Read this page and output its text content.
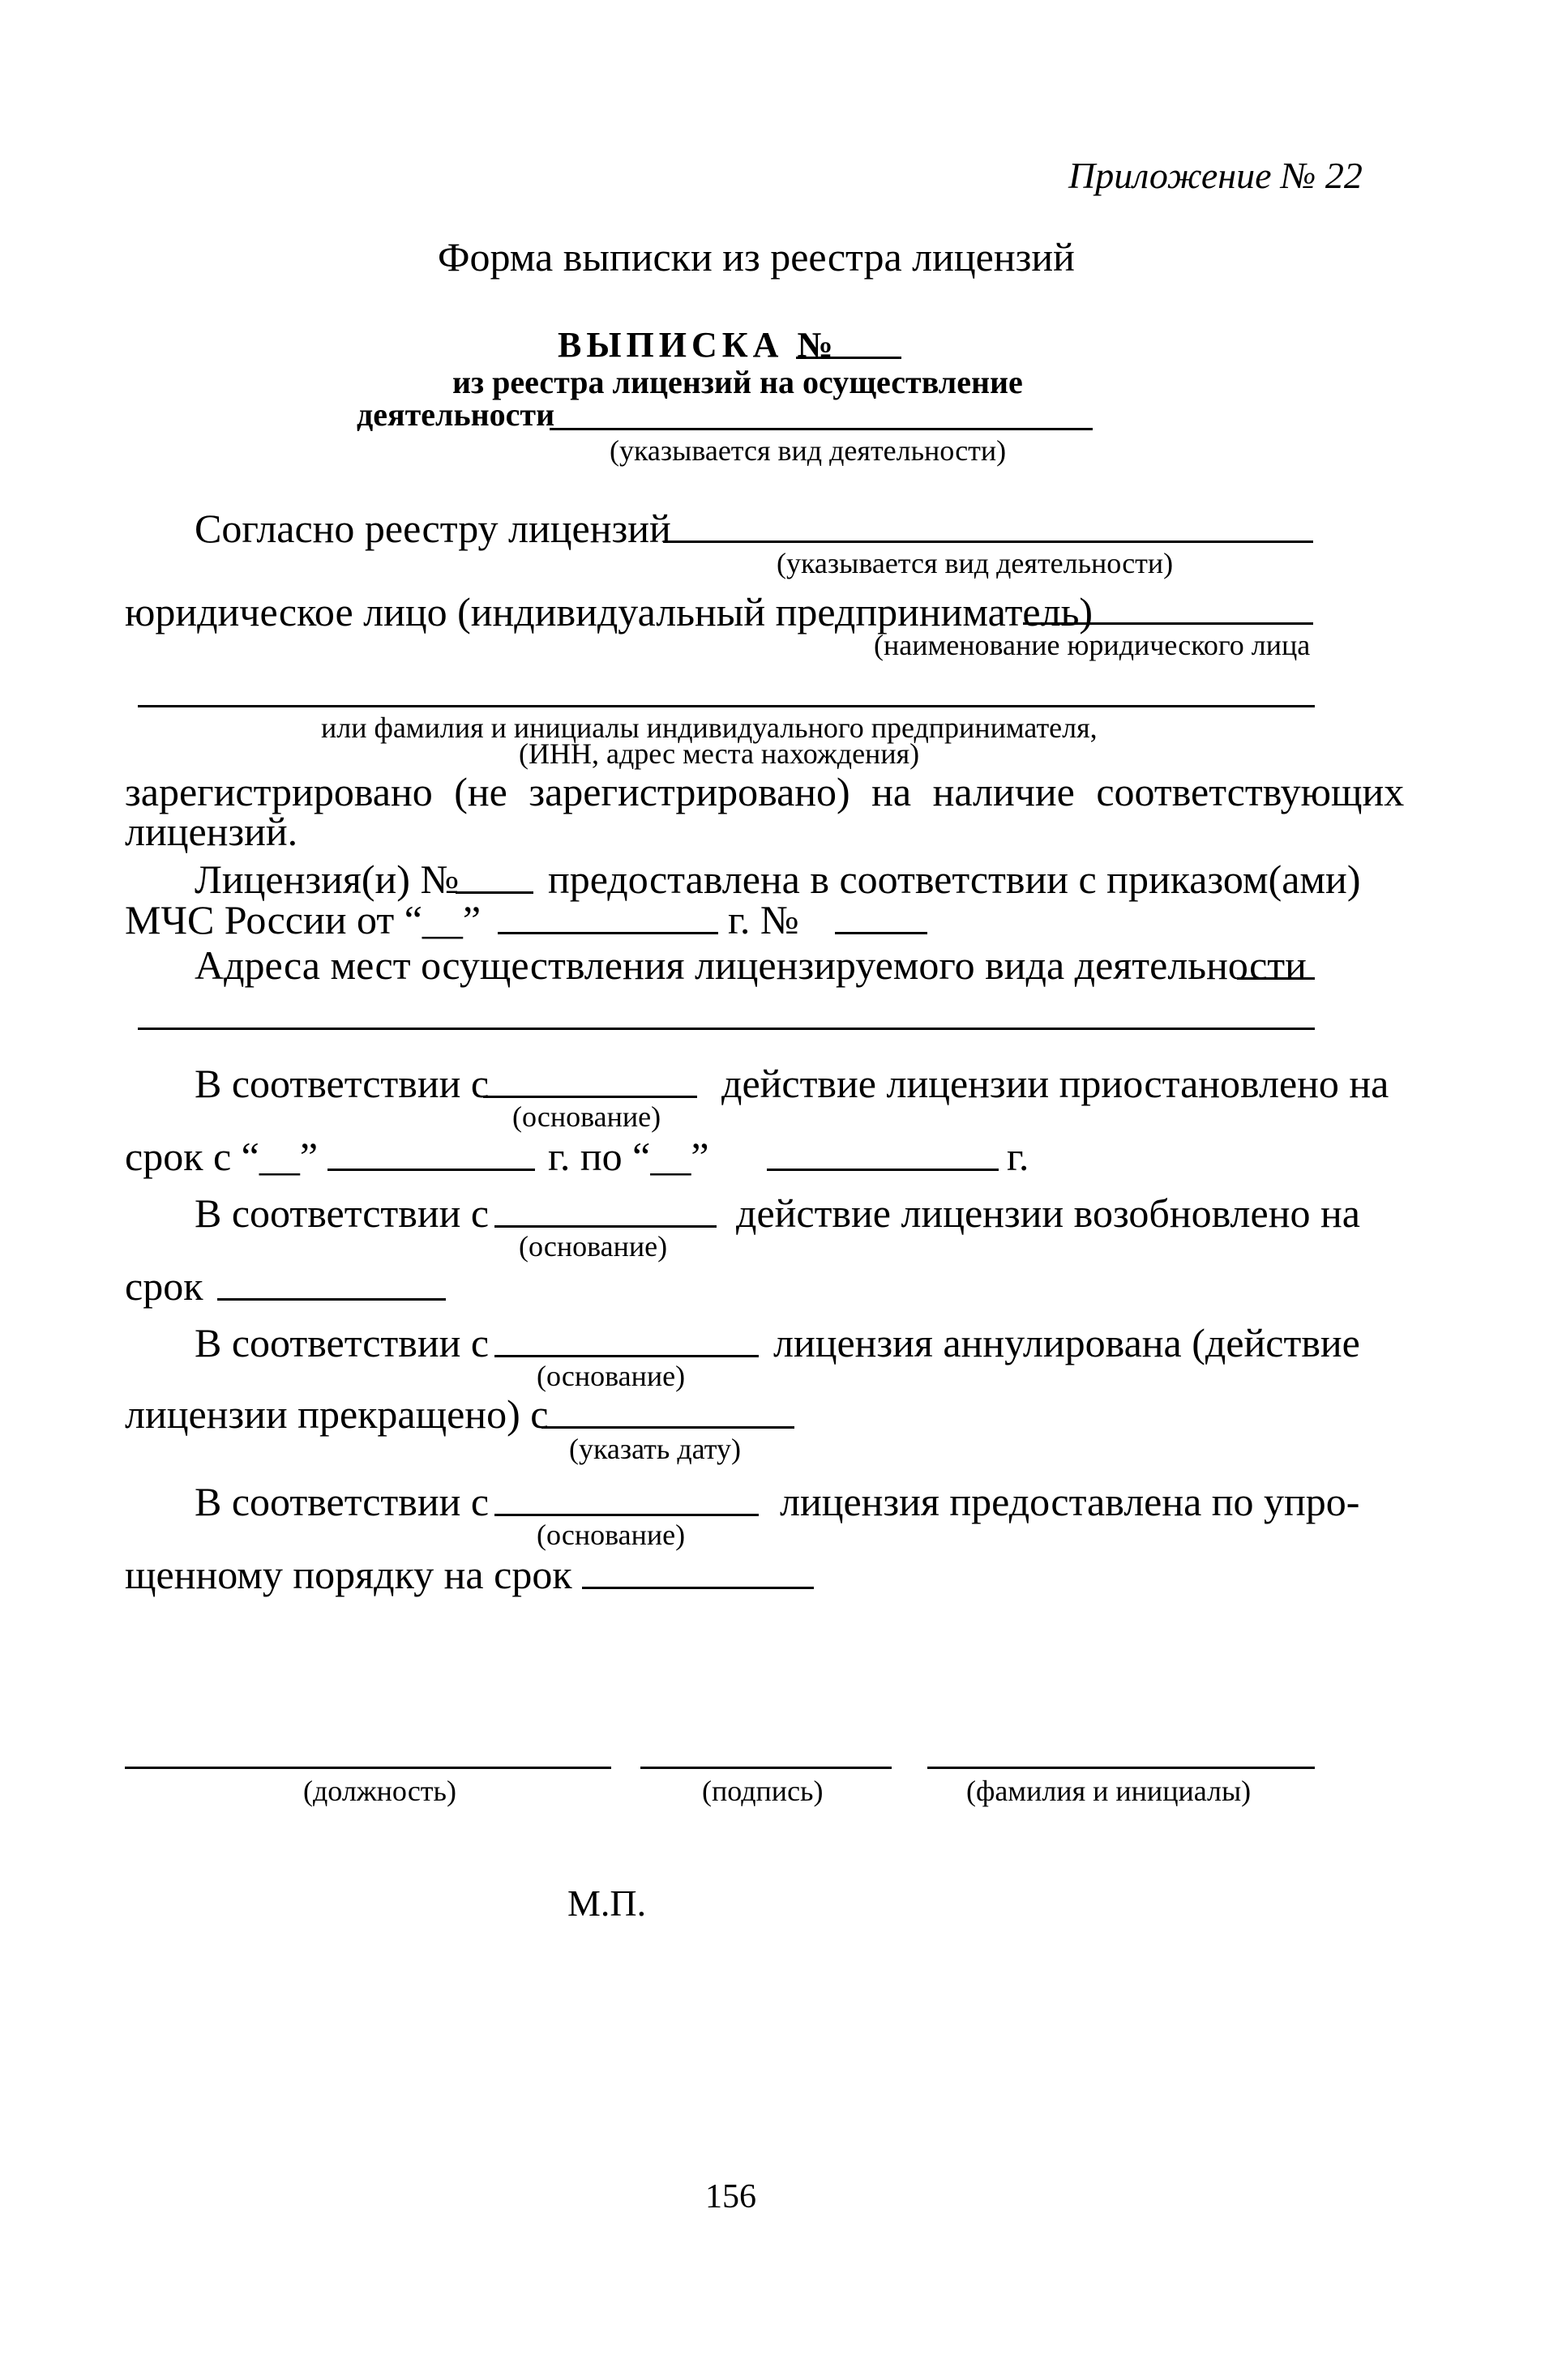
Приложение № 22
Форма выписки из реестра лицензий
ВЫПИСКА №
из реестра лицензий на осуществление
деятельности
(указывается вид деятельности)
Согласно реестру лицензий
(указывается вид деятельности)
юридическое лицо (индивидуальный предприниматель)
(наименование юридического лица
или фамилия и инициалы индивидуального предпринимателя,
(ИНН, адрес места нахождения)
зарегистрировано (не зарегистрировано) на наличие соответствующих
лицензий.
Лицензия(и) № предоставлена в соответствии с приказом(ами)
МЧС России от “__”	г. №
Адреса мест осуществления лицензируемого вида деятельности
В соответствии с	действие лицензии приостановлено на
(основание)
срок с “__”	г. по “__”	г.
В соответствии с	действие лицензии возобновлено на
(основание)
срок
В соответствии с	лицензия аннулирована (действие
(основание)
лицензии прекращено) с
(указать дату)
В соответствии с	лицензия предоставлена по упро-
(основание)
щенному порядку на срок
(должность)	(подпись)	(фамилия и инициалы)
М.П.
156
